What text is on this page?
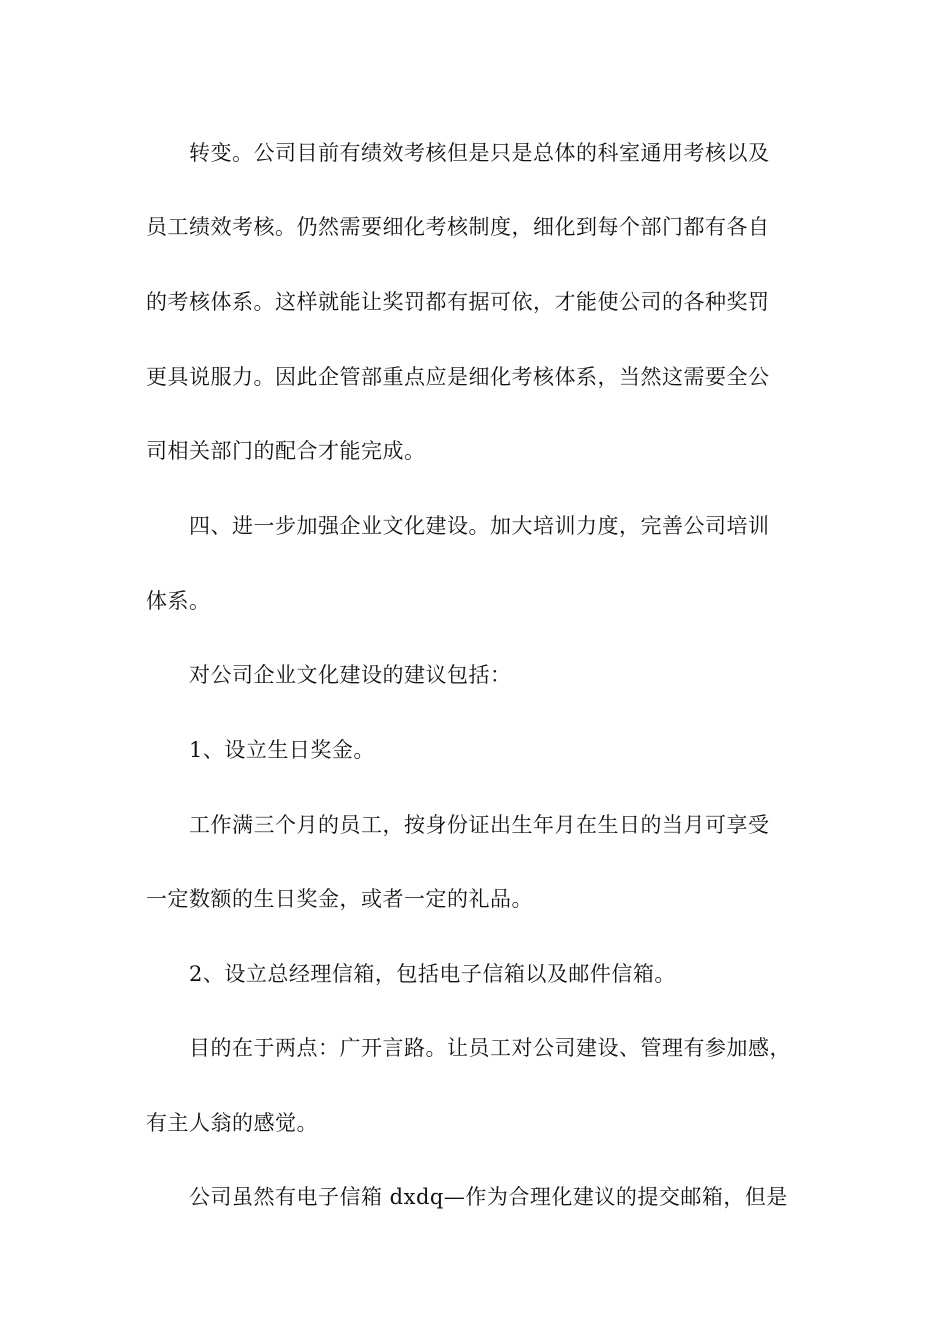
转变。公司目前有绩效考核但是只是总体的科室通用考核以及
员工绩效考核。仍然需要细化考核制度，细化到每个部门都有各自
的考核体系。这样就能让奖罚都有据可依，才能使公司的各种奖罚
更具说服力。因此企管部重点应是细化考核体系，当然这需要全公
司相关部门的配合才能完成。
四、进一步加强企业文化建设。加大培训力度，完善公司培训
体系。
对公司企业文化建设的建议包括：
1、设立生日奖金。
工作满三个月的员工，按身份证出生年月在生日的当月可享受
一定数额的生日奖金，或者一定的礼品。
2、设立总经理信箱，包括电子信箱以及邮件信箱。
目的在于两点：广开言路。让员工对公司建设、管理有参加感，
有主人翁的感觉。
公司虽然有电子信箱 dxdq—作为合理化建议的提交邮箱，但是
